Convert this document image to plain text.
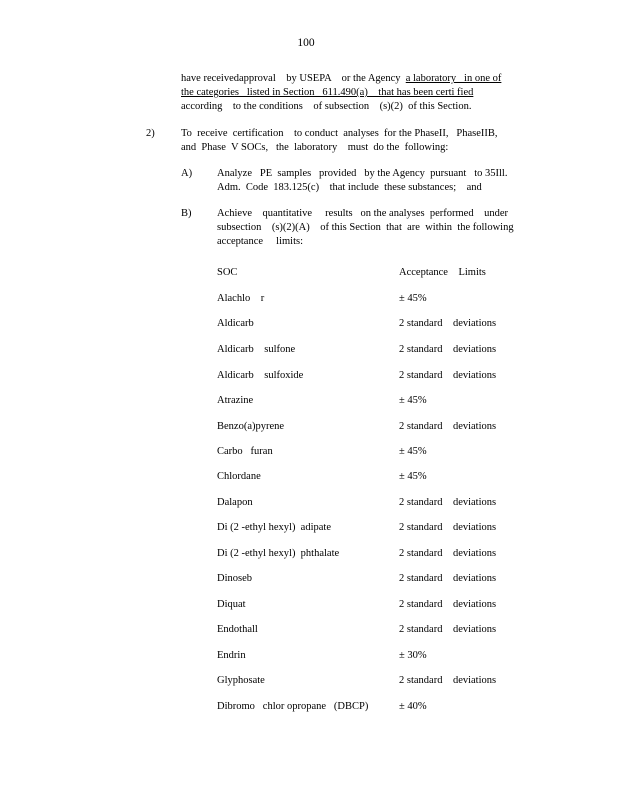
100
have receivedapproval    by USEPA    or the Agency  a laboratory   in one of
the categories   listed in Section   611.490(a)    that has been certi fied
according    to the conditions    of subsection    (s)(2)  of this Section.
2)	To  receive  certification    to conduct  analyses  for the PhaseII,   PhaseIIB,
and  Phase  V SOCs,   the  laboratory    must  do the  following:
A) Analyze   PE  samples   provided   by the Agency  pursuant   to 35Ill.
Adm.  Code  183.125(c)    that include  these substances;    and
B) Achieve    quantitative     results   on the analyses  performed    under
subsection    (s)(2)(A)    of this Section  that  are  within  the following
acceptance     limits:
SOC	Acceptance    Limits
Alachlo    r	± 45%
Aldicarb	2 standard    deviations
Aldicarb    sulfone	2 standard    deviations
Aldicarb    sulfoxide	2 standard    deviations
Atrazine	± 45%
Benzo(a)pyrene	2 standard    deviations
Carbo   furan	± 45%
Chlordane	± 45%
Dalapon	2 standard    deviations
Di (2 -ethyl hexyl)  adipate	2 standard    deviations
Di (2 -ethyl hexyl)  phthalate	2 standard    deviations
Dinoseb	2 standard    deviations
Diquat	2 standard    deviations
Endothall	2 standard    deviations
Endrin	± 30%
Glyphosate	2 standard    deviations
Dibromo   chlor opropane   (DBCP)	± 40%
